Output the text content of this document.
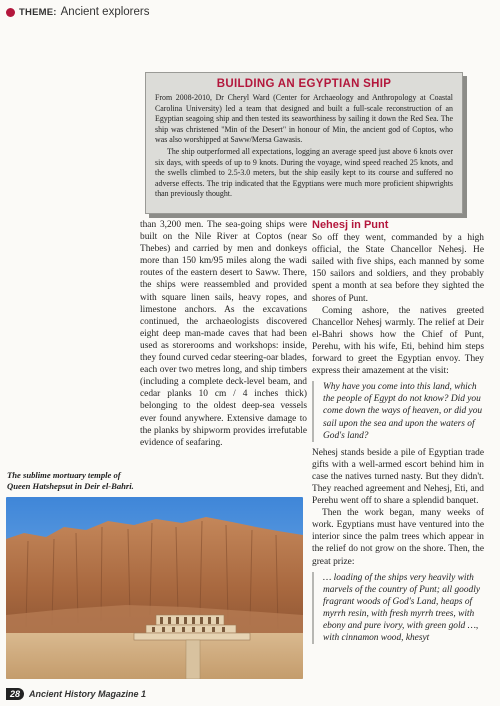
THEME: Ancient explorers
BUILDING AN EGYPTIAN SHIP

From 2008-2010, Dr Cheryl Ward (Center for Archaeology and Anthropology at Coastal Carolina University) led a team that designed and built a full-scale reconstruction of an Egyptian seagoing ship and then tested its seaworthiness by sailing it down the Red Sea. The ship was christened "Min of the Desert" in honour of Min, the ancient god of Coptos, who was also worshipped at Saww/Mersa Gawasis.

The ship outperformed all expectations, logging an average speed just above 6 knots over six days, with speeds of up to 9 knots. During the voyage, wind speed reached 25 knots, and the swells climbed to 2.5-3.0 meters, but the ship easily kept to its course and suffered no adverse effects. The trip indicated that the Egyptians were much more proficient shipwrights than previously thought.

than 3,200 men. The sea-going ships were built on the Nile River at Coptos (near Thebes) and carried by men and donkeys more than 150 km/95 miles along the wadi routes of the eastern desert to Saww. There, the ships were reassembled and provided with square linen sails, heavy ropes, and limestone anchors. As the excavations continued, the archaeologists discovered eight deep man-made caves that had been used as storerooms and workshops: inside, they found curved cedar steering-oar blades, each over two metres long, and ship timbers (including a complete deck-level beam, and cedar planks 10 cm / 4 inches thick) belonging to the oldest deep-sea vessels ever found anywhere. Extensive damage to the planks by shipworm provides irrefutable evidence of seafaring.

Nehesj in Punt

So off they went, commanded by a high official, the State Chancellor Nehesj. He sailed with five ships, each manned by some 150 sailors and soldiers, and they probably spent a month at sea before they sighted the shores of Punt.

Coming ashore, the natives greeted Chancellor Nehesj warmly. The relief at Deir el-Bahri shows how the Chief of Punt, Perehu, with his wife, Eti, behind him steps forward to greet the Egyptian envoy. They express their amazement at the visit:

Why have you come into this land, which the people of Egypt do not know? Did you come down the ways of heaven, or did you sail upon the sea and upon the waters of God's land?

Nehesj stands beside a pile of Egyptian trade gifts with a well-armed escort behind him in case the natives turned nasty. But they didn't. They reached agreement and Nehesj, Eti, and Perehu went off to share a splendid banquet.

Then the work began, many weeks of work. Egyptians must have ventured into the interior since the palm trees which appear in the relief do not grow on the shore. Then, the great prize:

… loading of the ships very heavily with marvels of the country of Punt; all goodly fragrant woods of God's Land, heaps of myrrh resin, with fresh myrrh trees, with ebony and pure ivory, with green gold …, with cinnamon wood, khesyt
The sublime mortuary temple of Queen Hatshepsut in Deir el-Bahri.
28	Ancient History Magazine 1
